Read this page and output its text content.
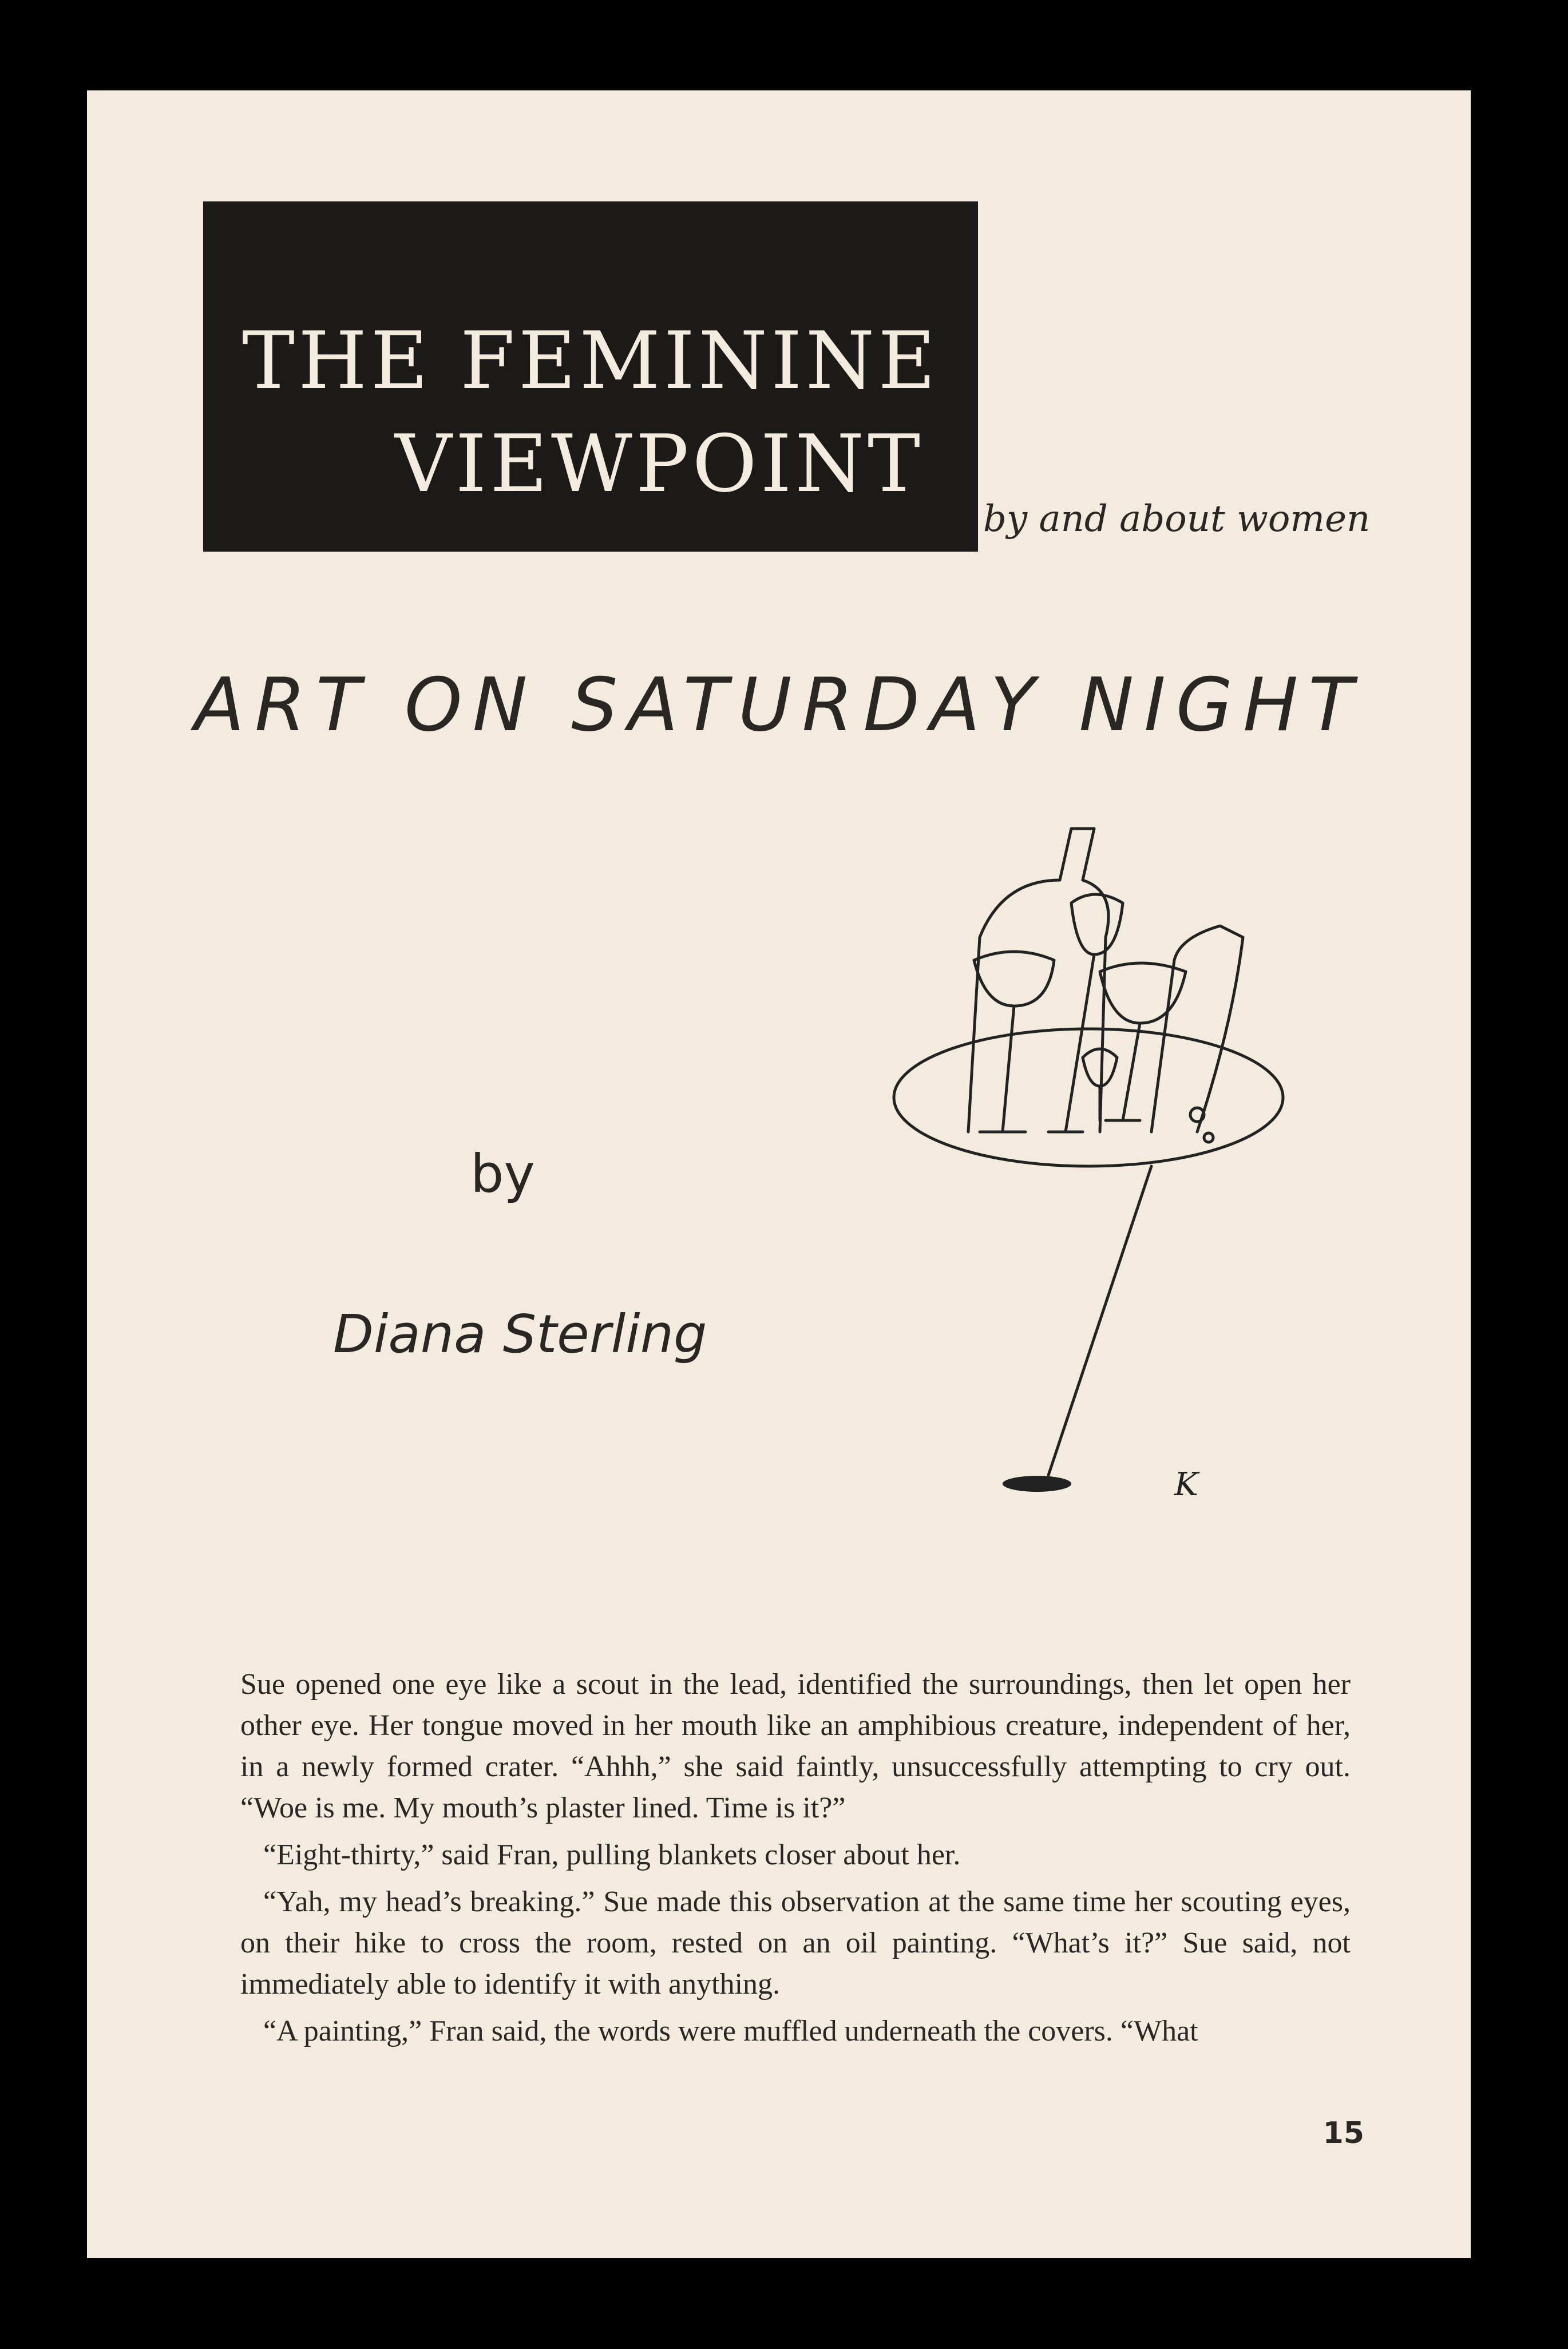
THE FEMININE
VIEWPOINT
by and about women
ART ON SATURDAY NIGHT
by
Diana Sterling
K

Sue opened one eye like a scout in the lead, identified the surroundings, then let open her other eye. Her tongue moved in her mouth like an amphibious creature, independent of her, in a newly formed crater. “Ahhh,” she said faintly, unsuccessfully attempting to cry out. “Woe is me. My mouth’s plaster lined. Time is it?”

“Eight-thirty,” said Fran, pulling blankets closer about her.

“Yah, my head’s breaking.” Sue made this observation at the same time her scouting eyes, on their hike to cross the room, rested on an oil painting. “What’s it?” Sue said, not immediately able to identify it with anything.

“A painting,” Fran said, the words were muffled underneath the covers. “What

15
